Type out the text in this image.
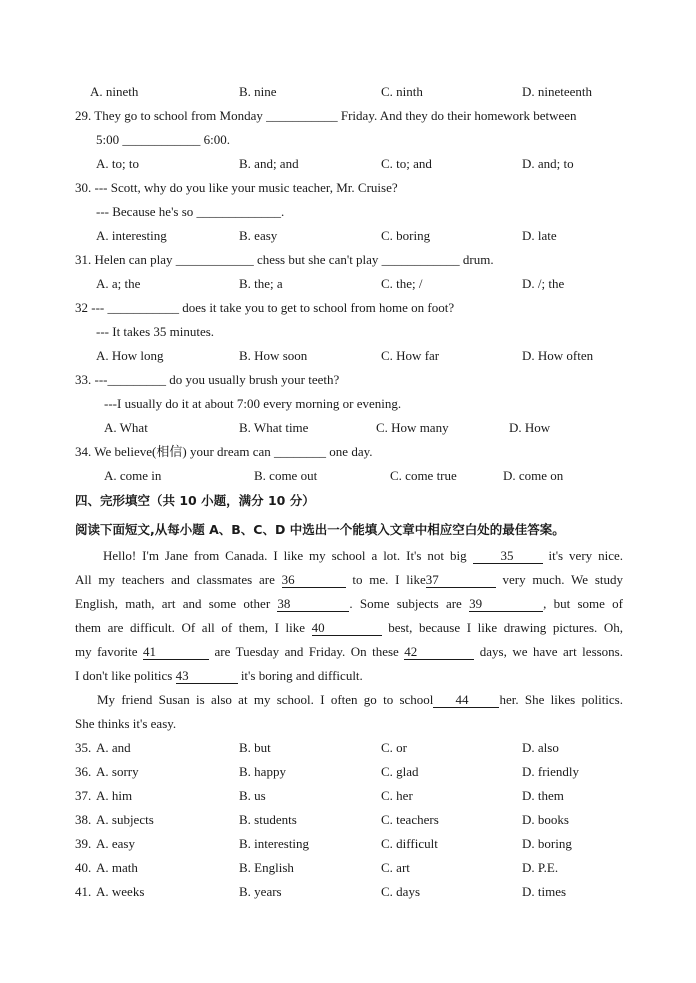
A. nineth	B. nine	C. ninth	D. nineteenth
29. They go to school from Monday ___________ Friday. And they do their homework between
5:00 ____________ 6:00.
A. to; to	B. and; and	C. to; and	D. and; to
30. --- Scott, why do you like your music teacher, Mr. Cruise?
--- Because he's so _____________.
A. interesting	B. easy	C. boring	D. late
31. Helen can play ____________ chess but she can't play ____________ drum.
A. a; the	B. the; a	C. the; /	D. /; the
32 --- ___________ does it take you to get to school from home on foot?
--- It takes 35 minutes.
A. How long	B. How soon	C. How far	D. How often
33. ---_________ do you usually brush your teeth?
---I usually do it at about 7:00 every morning or evening.
A. What	B. What time	C. How many	D. How
34. We believe(相信) your dream can ________ one day.
A. come in	B. come out	C. come true	D. come on
四、完形填空（共 10 小题，满分 10 分）
阅读下面短文,从每小题 A、B、C、D 中选出一个能填入文章中相应空白处的最佳答案。
Hello! I'm Jane from Canada. I like my school a lot. It's not big	35	it's very nice.
All my teachers and classmates are 36	to me. I like37	very much. We study
English, math, art and some other 38	. Some subjects are 39	, but some of
them are difficult. Of all of them, I like 40	best, because I like drawing pictures. Oh,
my favorite 41	are Tuesday and Friday. On these 42	days, we have art lessons.
I don't like politics 43	it's boring and difficult.
My friend Susan is also at my school. I often go to school 44 her. She likes politics.
She thinks it's easy.
35. A. and	B. but	C. or	D. also
36. A. sorry	B. happy	C. glad	D. friendly
37. A. him	B. us	C. her	D. them
38. A. subjects	B. students	C. teachers	D. books
39. A. easy	B. interesting	C. difficult	D. boring
40. A. math	B. English	C. art	D. P.E.
41. A. weeks	B. years	C. days	D. times
